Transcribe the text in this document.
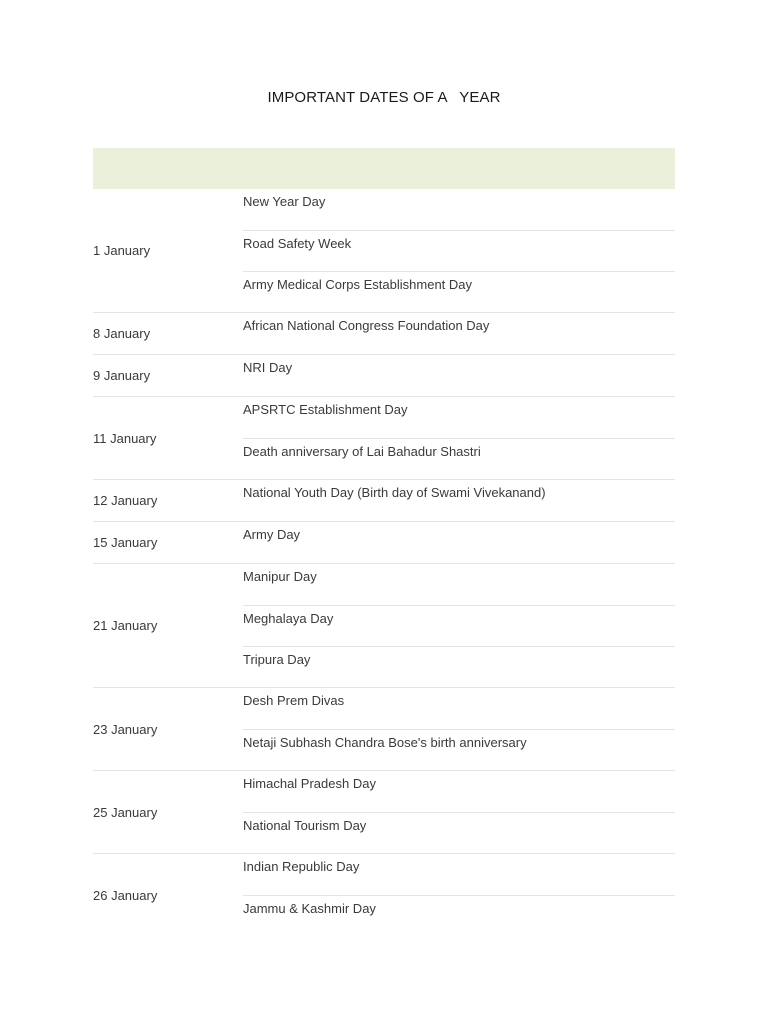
IMPORTANT DATES OF A   YEAR
1 January
New Year Day
Road Safety Week
Army Medical Corps Establishment Day
8 January
African National Congress Foundation Day
9 January
NRI Day
11 January
APSRTC Establishment Day
Death anniversary of Lai Bahadur Shastri
12 January
National Youth Day (Birth day of Swami Vivekanand)
15 January
Army Day
21 January
Manipur Day
Meghalaya Day
Tripura Day
23 January
Desh Prem Divas
Netaji Subhash Chandra Bose's birth anniversary
25 January
Himachal Pradesh Day
National Tourism Day
26 January
Indian Republic Day
Jammu & Kashmir Day
